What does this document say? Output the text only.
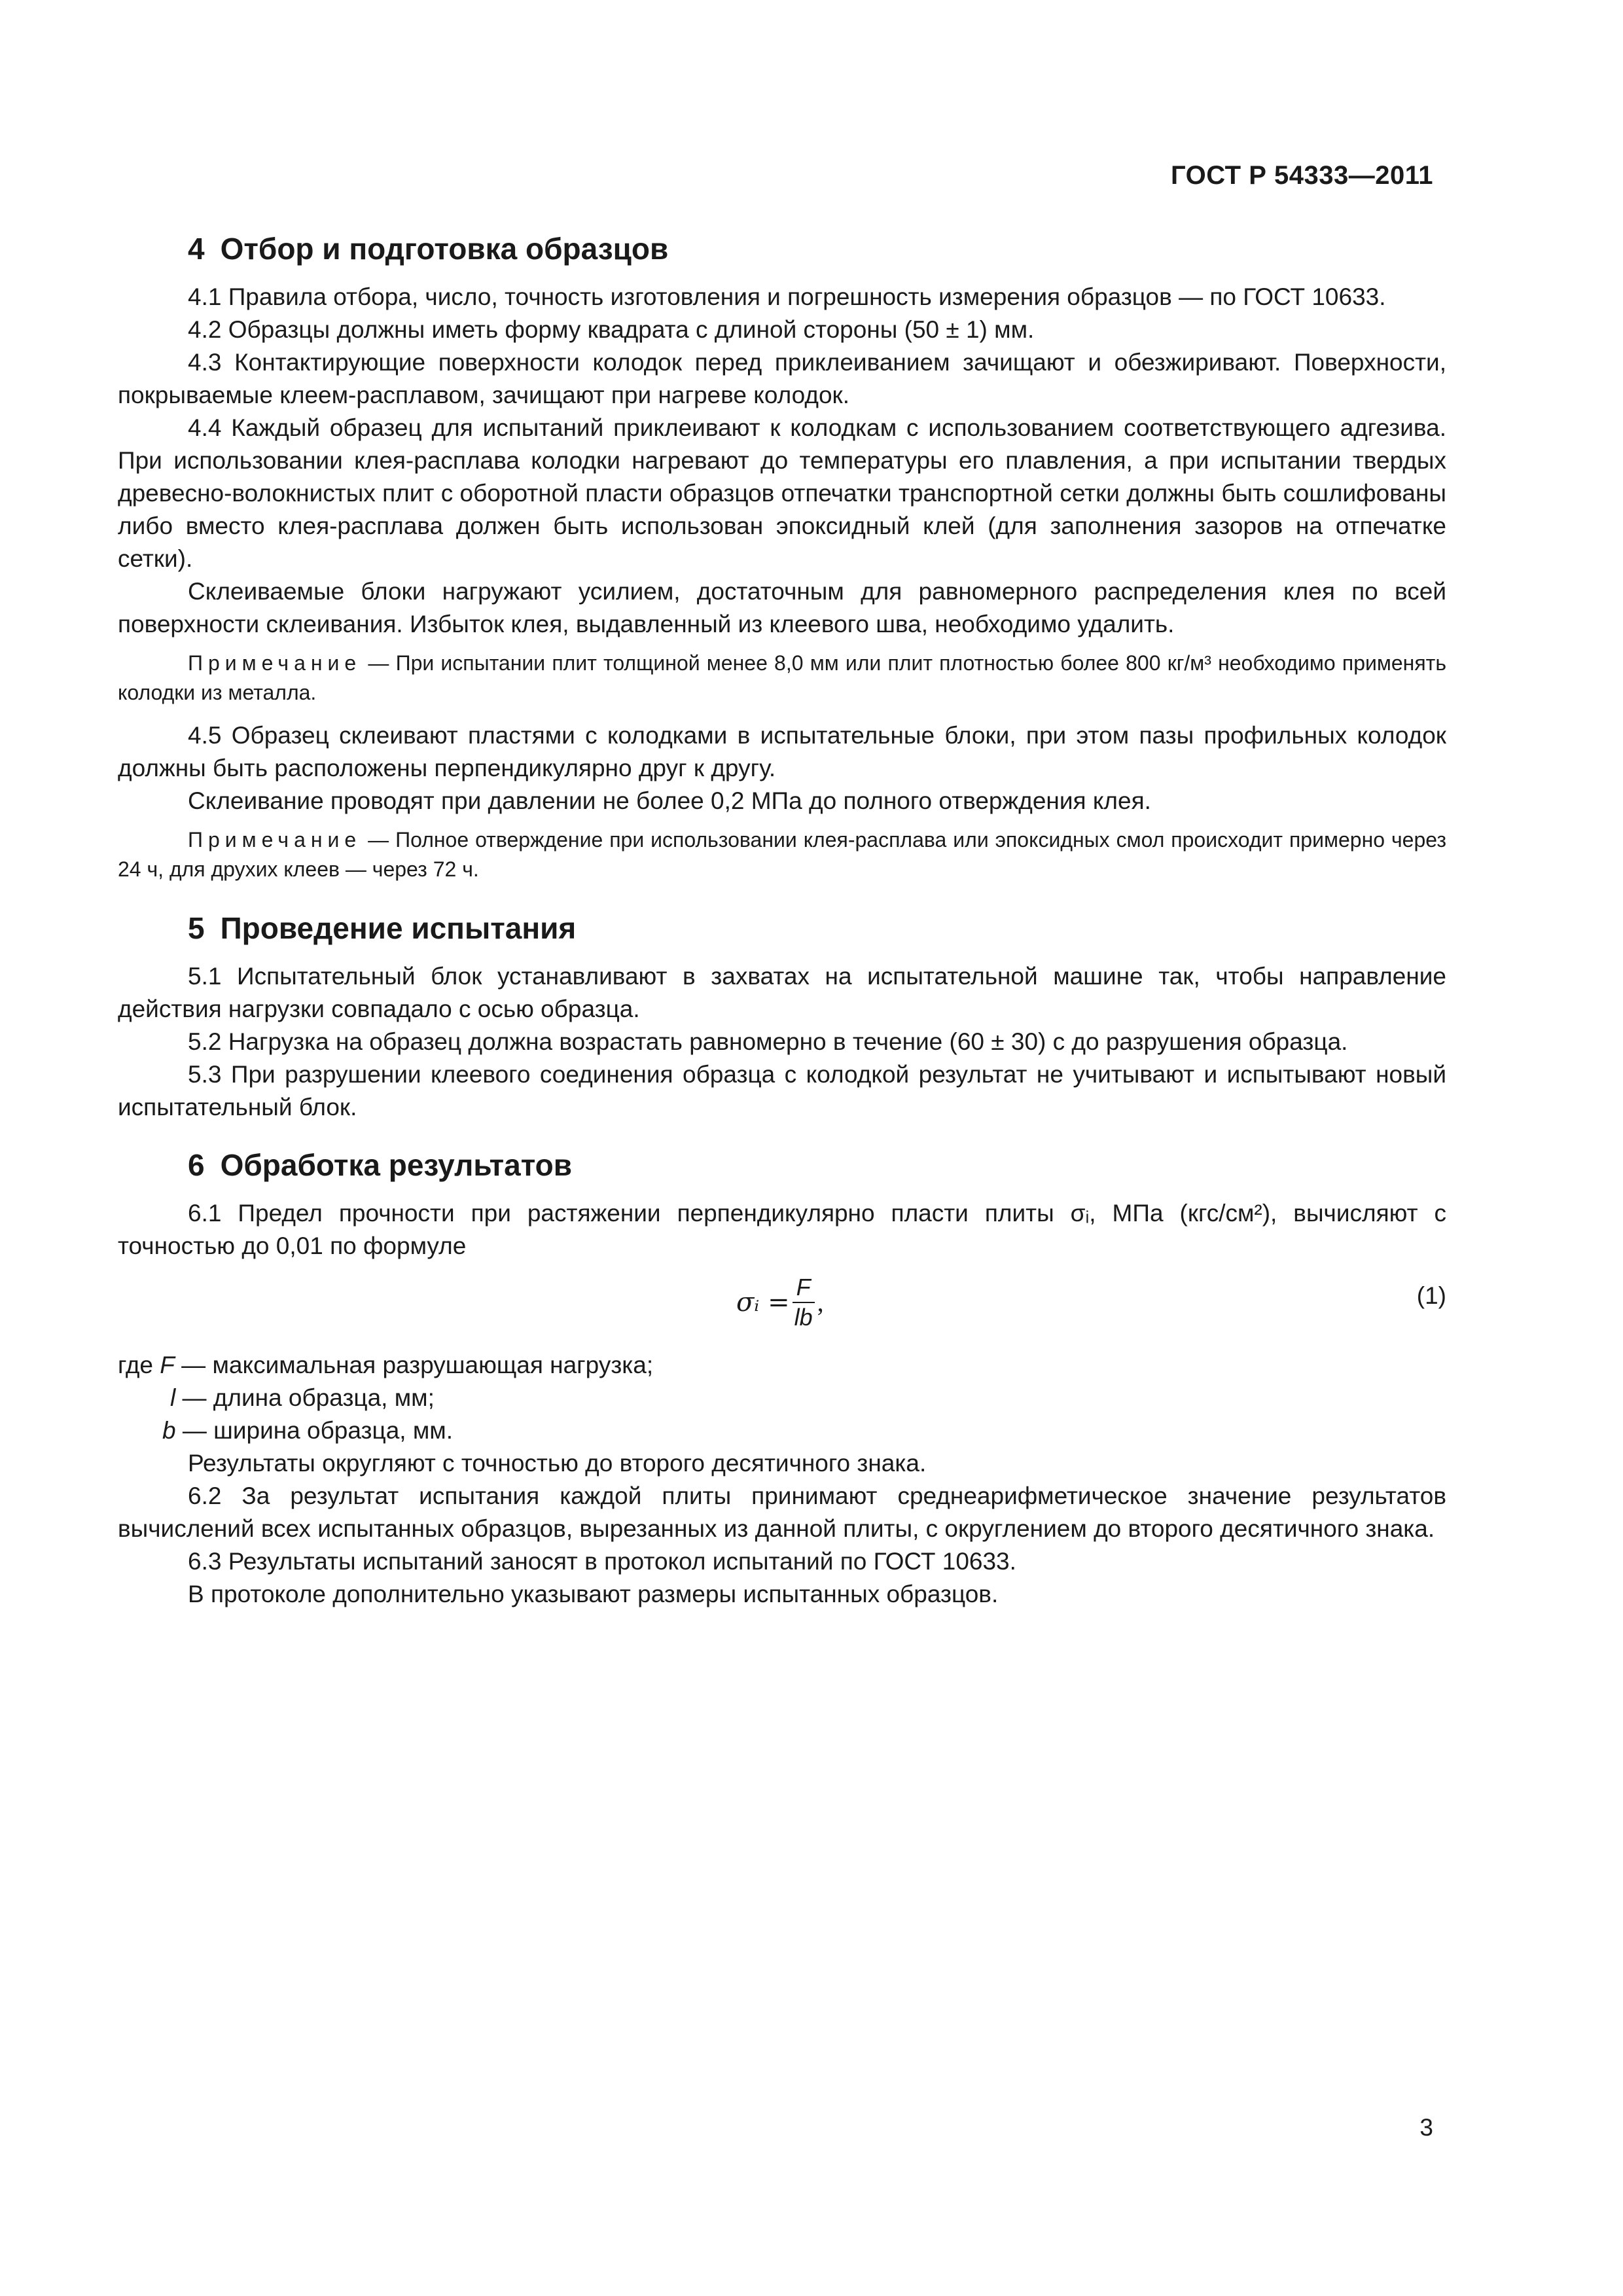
ГОСТ Р 54333—2011
4 Отбор и подготовка образцов

4.1 Правила отбора, число, точность изготовления и погрешность измерения образцов — по ГОСТ 10633.

4.2 Образцы должны иметь форму квадрата с длиной стороны (50 ± 1) мм.

4.3 Контактирующие поверхности колодок перед приклеиванием зачищают и обезжиривают. Поверхности, покрываемые клеем-расплавом, зачищают при нагреве колодок.

4.4 Каждый образец для испытаний приклеивают к колодкам с использованием соответствующего адгезива. При использовании клея-расплава колодки нагревают до температуры его плавления, а при испытании твердых древесно-волокнистых плит с оборотной пласти образцов отпечатки транспортной сетки должны быть сошлифованы либо вместо клея-расплава должен быть использован эпоксидный клей (для заполнения зазоров на отпечатке сетки).

Склеиваемые блоки нагружают усилием, достаточным для равномерного распределения клея по всей поверхности склеивания. Избыток клея, выдавленный из клеевого шва, необходимо удалить.

Примечание — При испытании плит толщиной менее 8,0 мм или плит плотностью более 800 кг/м³ необходимо применять колодки из металла.

4.5 Образец склеивают пластями с колодками в испытательные блоки, при этом пазы профильных колодок должны быть расположены перпендикулярно друг к другу.

Склеивание проводят при давлении не более 0,2 МПа до полного отверждения клея.

Примечание — Полное отверждение при использовании клея-расплава или эпоксидных смол происходит примерно через 24 ч, для друхих клеев — через 72 ч.

5 Проведение испытания

5.1 Испытательный блок устанавливают в захватах на испытательной машине так, чтобы направление действия нагрузки совпадало с осью образца.

5.2 Нагрузка на образец должна возрастать равномерно в течение (60 ± 30) с до разрушения образца.

5.3 При разрушении клеевого соединения образца с колодкой результат не учитывают и испытывают новый испытательный блок.

6 Обработка результатов

6.1 Предел прочности при растяжении перпендикулярно пласти плиты σᵢ, МПа (кгс/см²), вычисляют с точностью до 0,01 по формуле

σᵢ = $\frac{F}{lb}$ ,	(1)

где F — максимальная разрушающая нагрузка;

l — длина образца, мм;

b — ширина образца, мм.

Результаты округляют с точностью до второго десятичного знака.

6.2 За результат испытания каждой плиты принимают среднеарифметическое значение результатов вычислений всех испытанных образцов, вырезанных из данной плиты, с округлением до второго десятичного знака.

6.3 Результаты испытаний заносят в протокол испытаний по ГОСТ 10633.

В протоколе дополнительно указывают размеры испытанных образцов.

3
